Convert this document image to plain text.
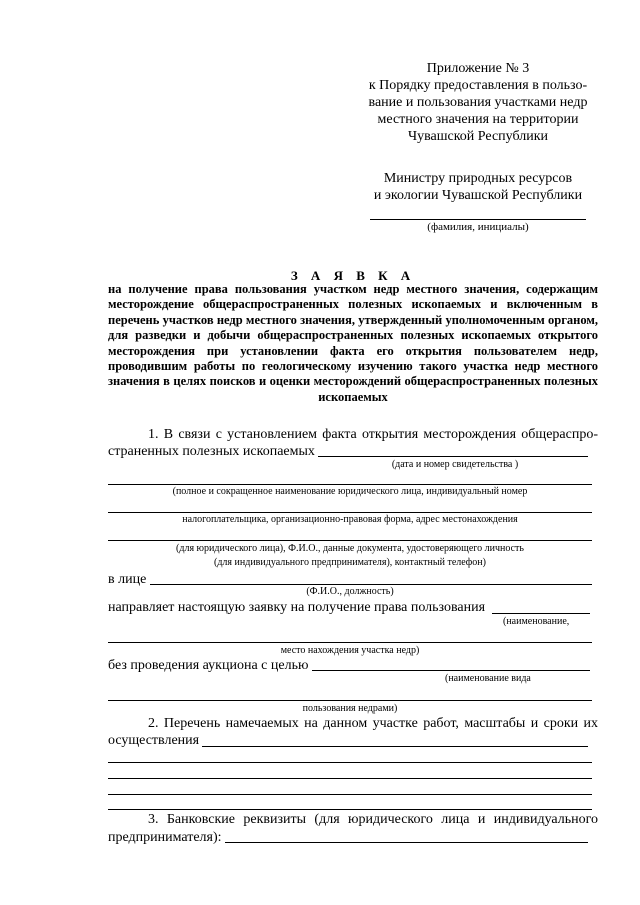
Приложение № 3
к Порядку предоставления в пользо-
вание и пользования участками недр
местного значения на территории
Чувашской Республики
Министру природных ресурсов
и экологии Чувашской Республики
(фамилия, инициалы)
З А Я В К А
на получение права пользования участком недр местного значения, содержащим месторождение общераспространенных полезных ископаемых и включенным в перечень участков недр местного значения, утвержденный уполномоченным органом, для разведки и добычи общераспространенных полезных ископаемых открытого месторождения при установлении факта его открытия пользователем недр, проводившим работы по геологическому изучению такого участка недр местного значения в целях поисков и оценки месторождений общераспространенных полезных ископаемых
1. В связи с установлением факта открытия месторождения общераспро-
страненных полезных ископаемых
(дата и номер свидетельства )
(полное и сокращенное наименование юридического лица, индивидуальный номер
налогоплательщика, организационно-правовая форма, адрес местонахождения
(для юридического лица), Ф.И.О., данные документа, удостоверяющего личность
(для индивидуального предпринимателя), контактный телефон)
в лице
(Ф.И.О., должность)
направляет настоящую заявку на получение права пользования
(наименование,
место нахождения участка недр)
без проведения аукциона с целью
(наименование вида
пользования недрами)
2. Перечень намечаемых на данном участке работ, масштабы и сроки их
осуществления
3. Банковские реквизиты (для юридического лица и индивидуального
предпринимателя):
